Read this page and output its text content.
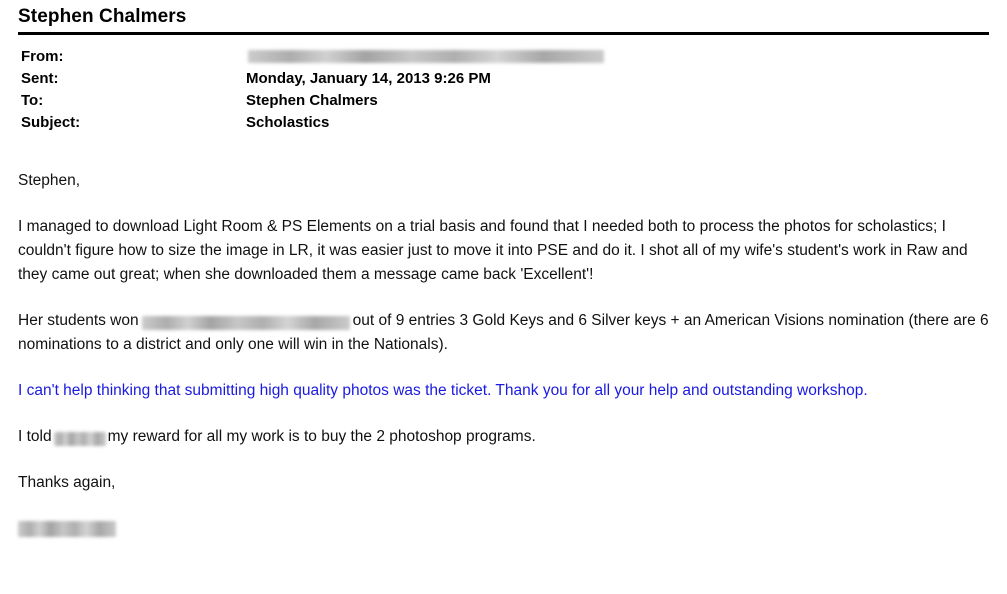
Stephen Chalmers
From:	
Sent:	Monday, January 14, 2013 9:26 PM
To:	Stephen Chalmers
Subject:	Scholastics

Stephen,

I managed to download Light Room & PS Elements on a trial basis and found that I needed both to process the photos for scholastics; I couldn't figure how to size the image in LR, it was easier just to move it into PSE and do it. I shot all of my wife's student's work in Raw and they came out great; when she downloaded them a message came back 'Excellent'!

Her students won	out of 9 entries 3 Gold Keys and 6 Silver keys + an American Visions nomination (there are 6 nominations to a district and only one will win in the Nationals).

I can't help thinking that submitting high quality photos was the ticket. Thank you for all your help and outstanding workshop.

I told	my reward for all my work is to buy the 2 photoshop programs.

Thanks again,
